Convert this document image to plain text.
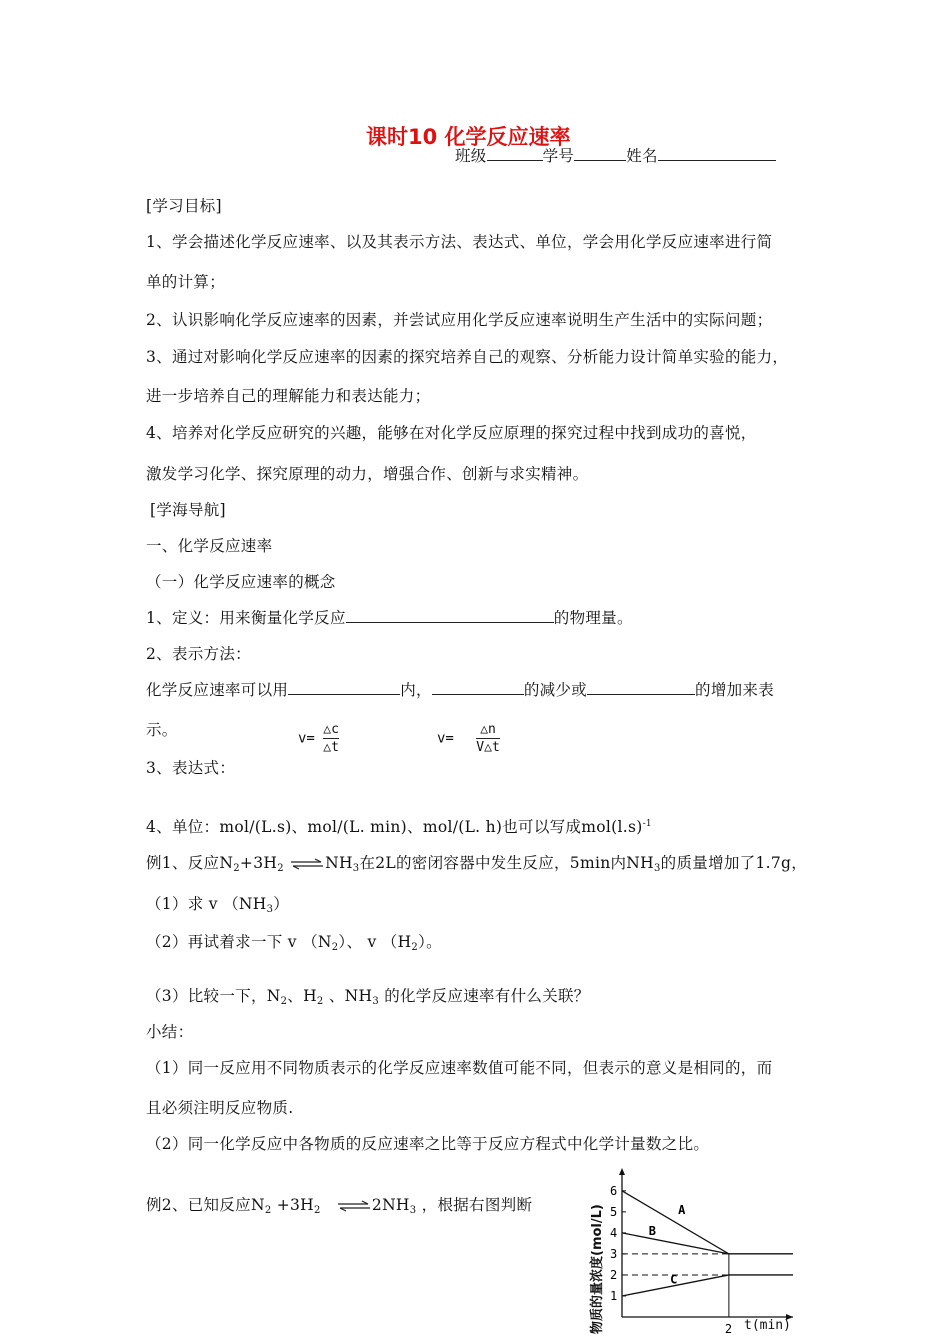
课时10 化学反应速率
班级	学号	姓名
[学习目标]
1、学会描述化学反应速率、以及其表示方法、表达式、单位，学会用化学反应速率进行简
单的计算；
2、认识影响化学反应速率的因素，并尝试应用化学反应速率说明生产生活中的实际问题；
3、通过对影响化学反应速率的因素的探究培养自己的观察、分析能力设计简单实验的能力，
进一步培养自己的理解能力和表达能力；
4、培养对化学反应研究的兴趣，能够在对化学反应原理的探究过程中找到成功的喜悦，
激发学习化学、探究原理的动力，增强合作、创新与求实精神。
[学海导航]
一、化学反应速率
（一）化学反应速率的概念
1、定义：用来衡量化学反应	的物理量。
2、表示方法：
化学反应速率可以用	内，	的减少或	的增加来表
示。	$v= \frac{\triangle c}{\triangle t}$	$v= \frac{\triangle n}{V\triangle t}$
3、表达式：
4、单位：mol/(L.s)、mol/(L. min)、mol/(L. h)也可以写成$mol(l.s)^{-1}$
例1、反应$N_2+3H_2$ $\rightleftharpoons NH_3$在2L的密闭容器中发生反应，5min内$NH_3$的质量增加了1.7g，
（1）求 v $(NH_3)$
（2）再试着求一下 v $(N_2)$、 v $(H_2)$。
（3）比较一下，$N_2$、$H_2$ 、$NH_3$ 的化学反应速率有什么关联？
小结：
（1）同一反应用不同物质表示的化学反应速率数值可能不同，但表示的意义是相同的，而
且必须注明反应物质.
（2）同一化学反应中各物质的反应速率之比等于反应方程式中化学计量数之比。
例2、已知反应$N_2 +3H_2$ $\rightleftharpoons 2NH_3$ ，根据右图判断	物质的量浓度(mol/L)	t(min)
6
5
4
3
2
1
2
A
B
C
